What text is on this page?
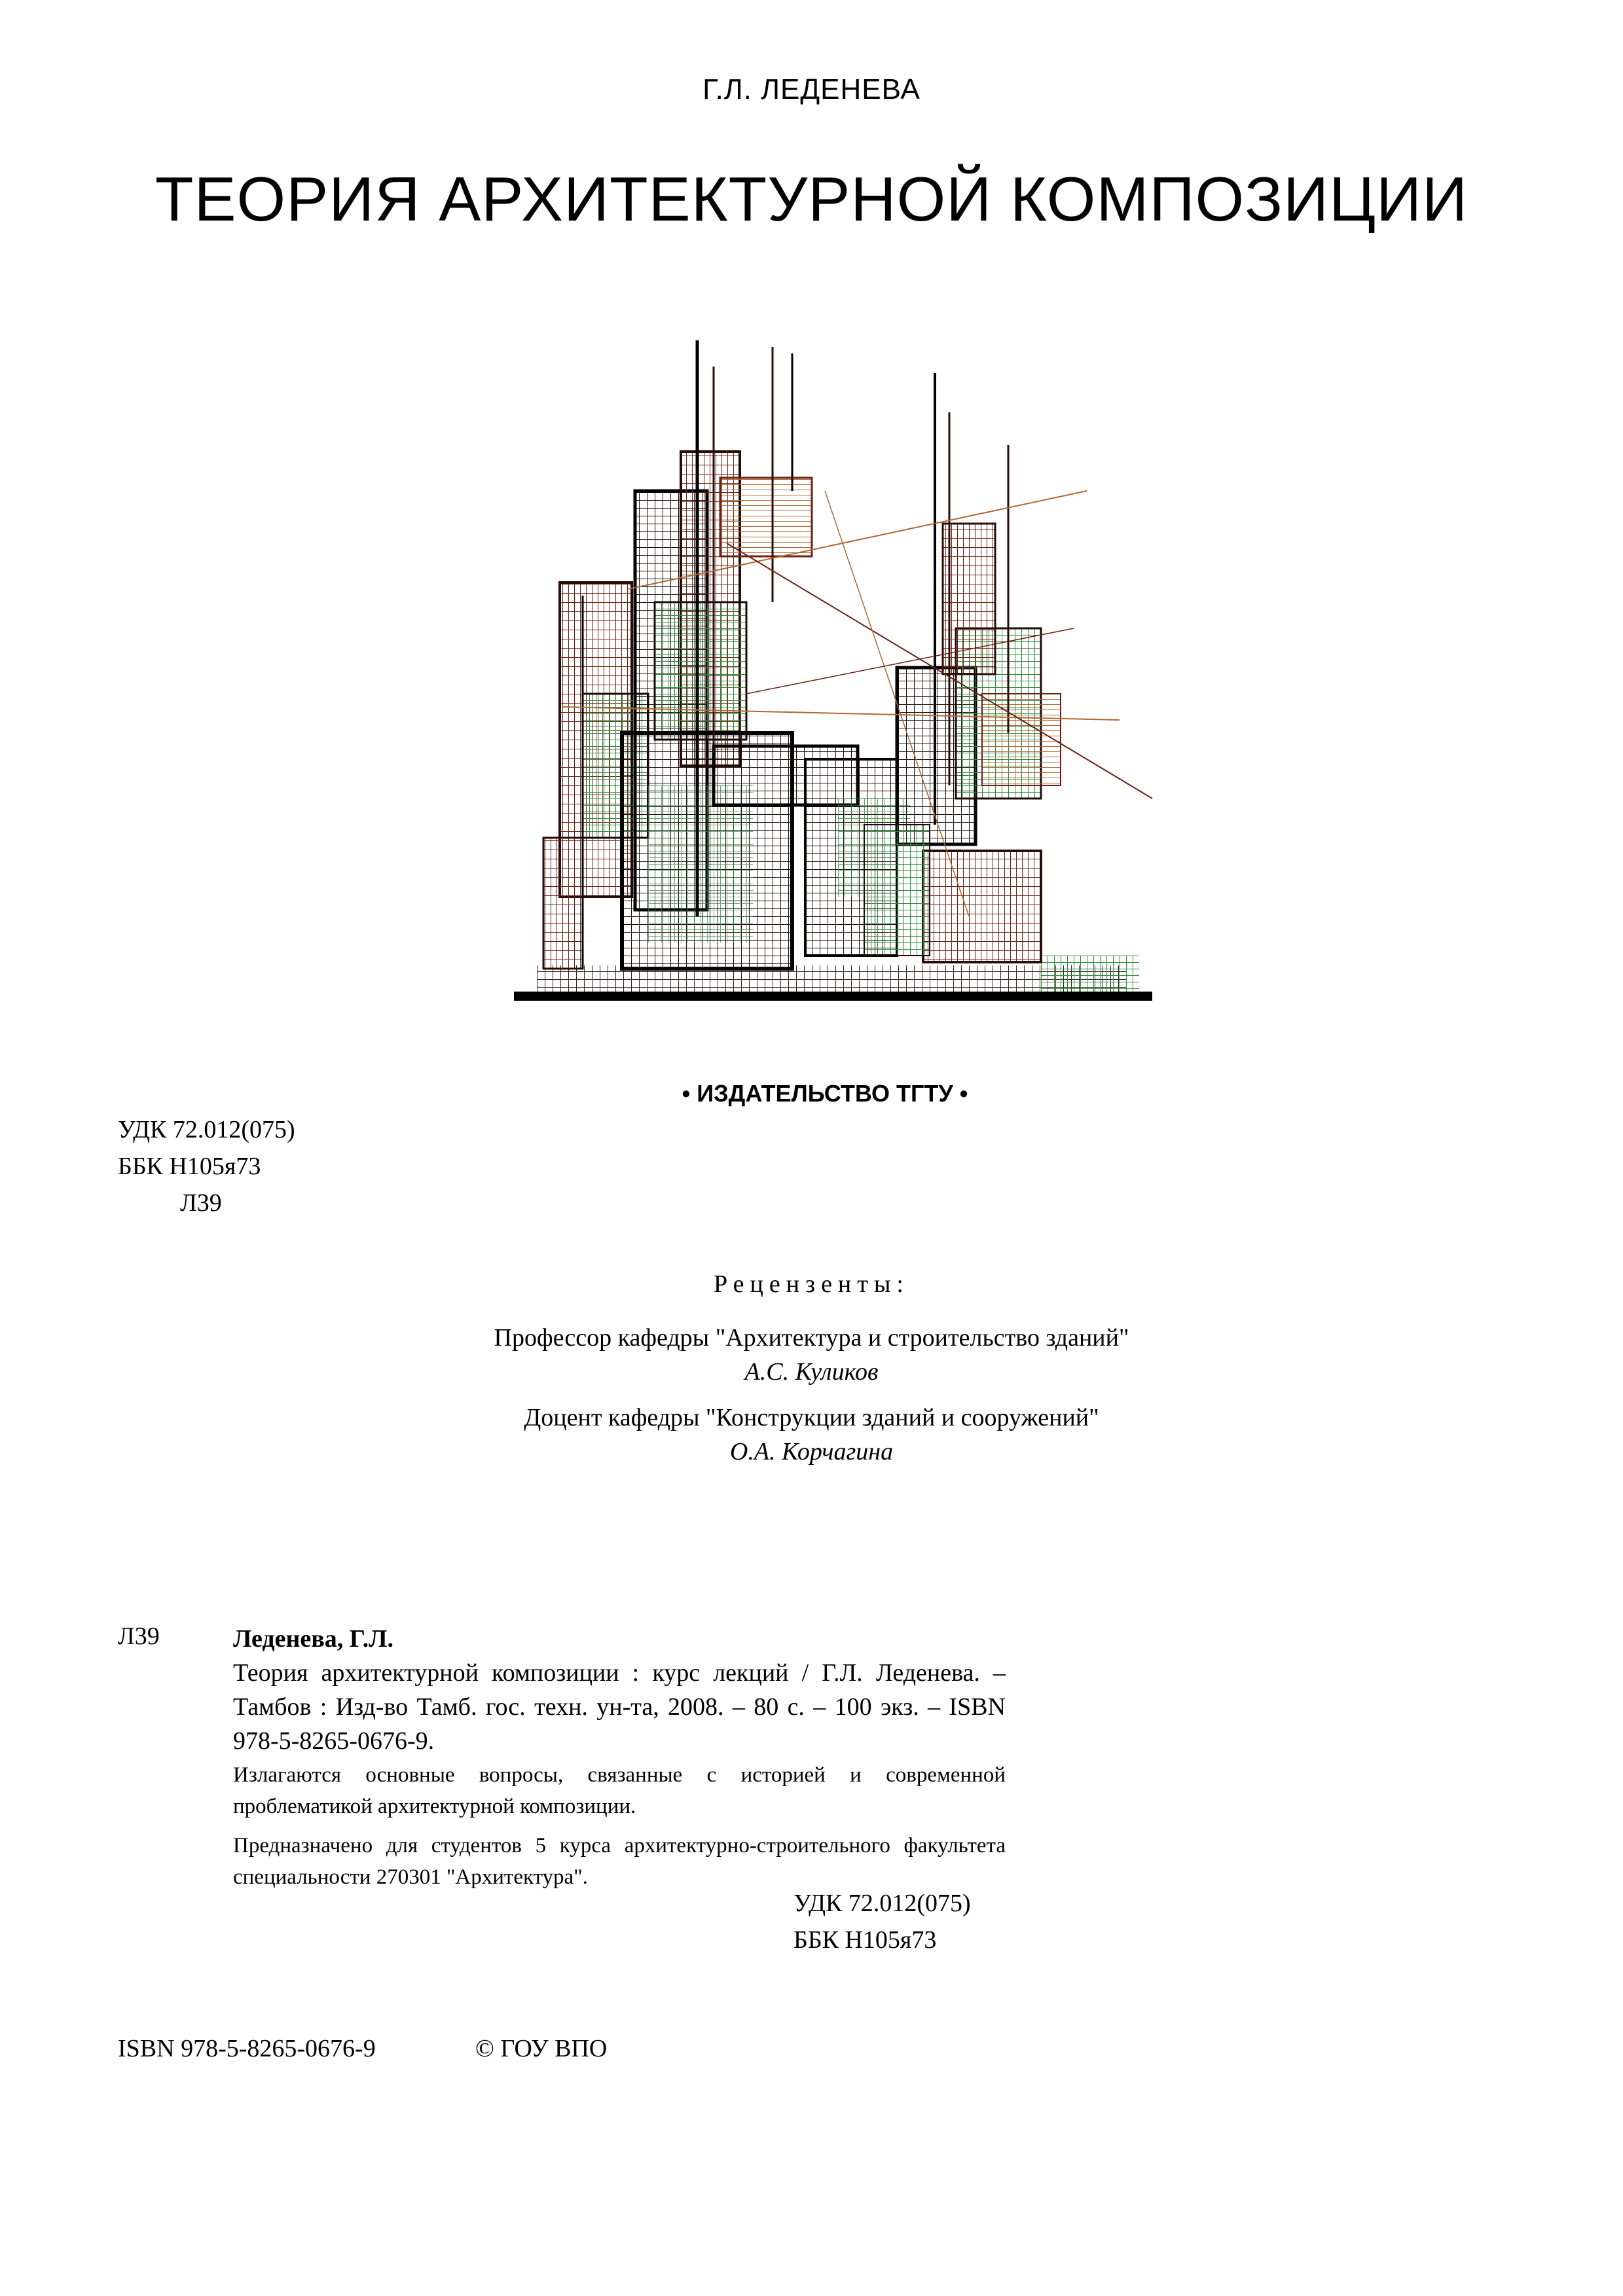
Г.Л. ЛЕДЕНЕВА
ТЕОРИЯ АРХИТЕКТУРНОЙ КОМПОЗИЦИИ
• ИЗДАТЕЛЬСТВО ТГТУ •
УДК 72.012(075)
ББК Н105я73
Л39
Рецензенты:
Профессор кафедры "Архитектура и строительство зданий"
А.С. Куликов
Доцент кафедры "Конструкции зданий и сооружений"
О.А. Корчагина
Л39	Леденева, Г.Л.
Теория архитектурной композиции : курс лекций / Г.Л. Леденева. – Тамбов : Изд-во Тамб. гос. техн. ун-та, 2008. – 80 с. – 100 экз. – ISBN 978-5-8265-0676-9.

Излагаются основные вопросы, связанные с историей и современной проблематикой архитектурной композиции.

Предназначено для студентов 5 курса архитектурно-строительного факультета специальности 270301 "Архитектура".

УДК 72.012(075)
ББК Н105я73
ISBN 978-5-8265-0676-9	© ГОУ ВПО
